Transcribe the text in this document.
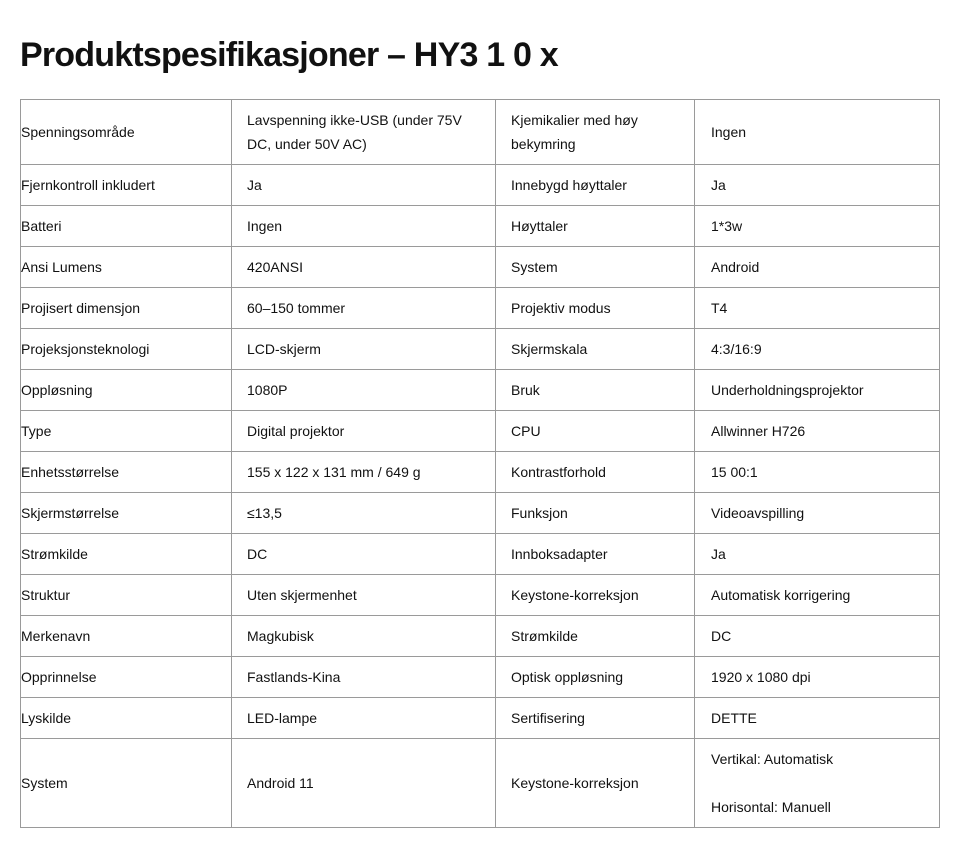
Produktspesifikasjoner – HY3 1 0 x
Spenningsområde	Lavspenning ikke-USB (under 75V DC, under 50V AC)	Kjemikalier med høy bekymring	Ingen
Fjernkontroll inkludert	Ja	Innebygd høyttaler	Ja
Batteri	Ingen	Høyttaler	1*3w
Ansi Lumens	420ANSI	System	Android
Projisert dimensjon	60–150 tommer	Projektiv modus	T4
Projeksjonsteknologi	LCD-skjerm	Skjermskala	4:3/16:9
Oppløsning	1080P	Bruk	Underholdningsprojektor
Type	Digital projektor	CPU	Allwinner H726
Enhetsstørrelse	155 x 122 x 131 mm / 649 g	Kontrastforhold	15 00:1
Skjermstørrelse	≤13,5	Funksjon	Videoavspilling
Strømkilde	DC	Innboksadapter	Ja
Struktur	Uten skjermenhet	Keystone-korreksjon	Automatisk korrigering
Merkenavn	Magkubisk	Strømkilde	DC
Opprinnelse	Fastlands-Kina	Optisk oppløsning	1920 x 1080 dpi
Lyskilde	LED-lampe	Sertifisering	DETTE
System	Android 11	Keystone-korreksjon	Vertikal: Automatisk
Horisontal: Manuell
